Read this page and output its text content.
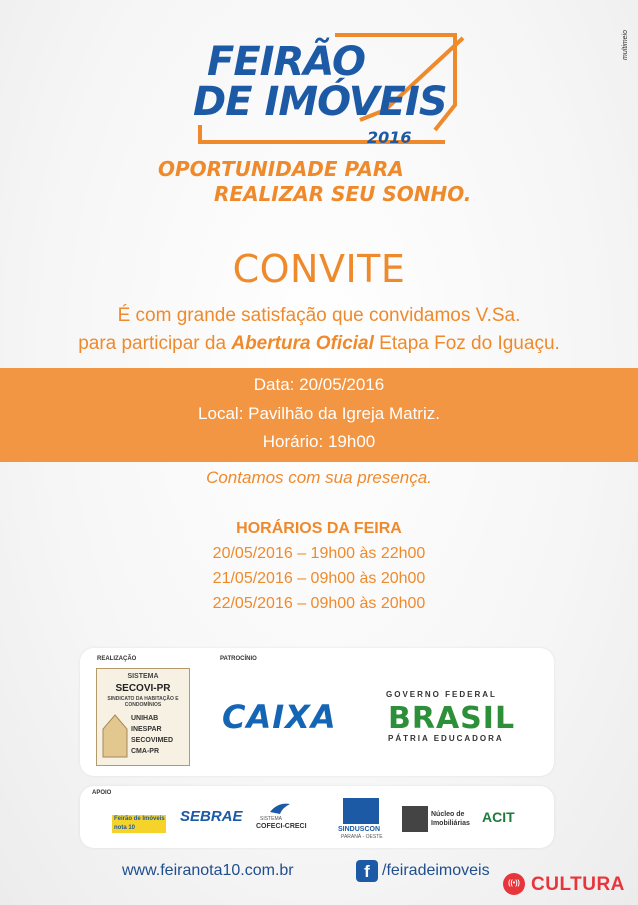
FEIRÃO
DE IMÓVEIS
2016
multimeio
OPORTUNIDADE PARA
REALIZAR SEU SONHO.
CONVITE
É com grande satisfação que convidamos V.Sa.
para participar da Abertura Oficial Etapa Foz do Iguaçu.
Data: 20/05/2016
Local: Pavilhão da Igreja Matriz.
Horário: 19h00
Contamos com sua presença.
HORÁRIOS DA FEIRA
20/05/2016 – 19h00 às 22h00
21/05/2016 – 09h00 às 20h00
22/05/2016 – 09h00 às 20h00
REALIZAÇÃO	PATROCÍNIO
SISTEMA
SECOVI-PR
SINDICATO DA HABITAÇÃO E CONDOMÍNIOS
UNIHAB
INESPAR
SECOVIMED
CMA-PR
CAIXA
GOVERNO FEDERAL
BRASIL
PÁTRIA EDUCADORA
APOIO
Feirão de Imóveis
nota 10
SEBRAE	SISTEMA
COFECI-CRECI	SINDUSCON
PARANÁ - OESTE
Núcleo de Imobiliárias ACIT
www.feiranota10.com.br	f /feiradeimoveis
((•)) CULTURA
